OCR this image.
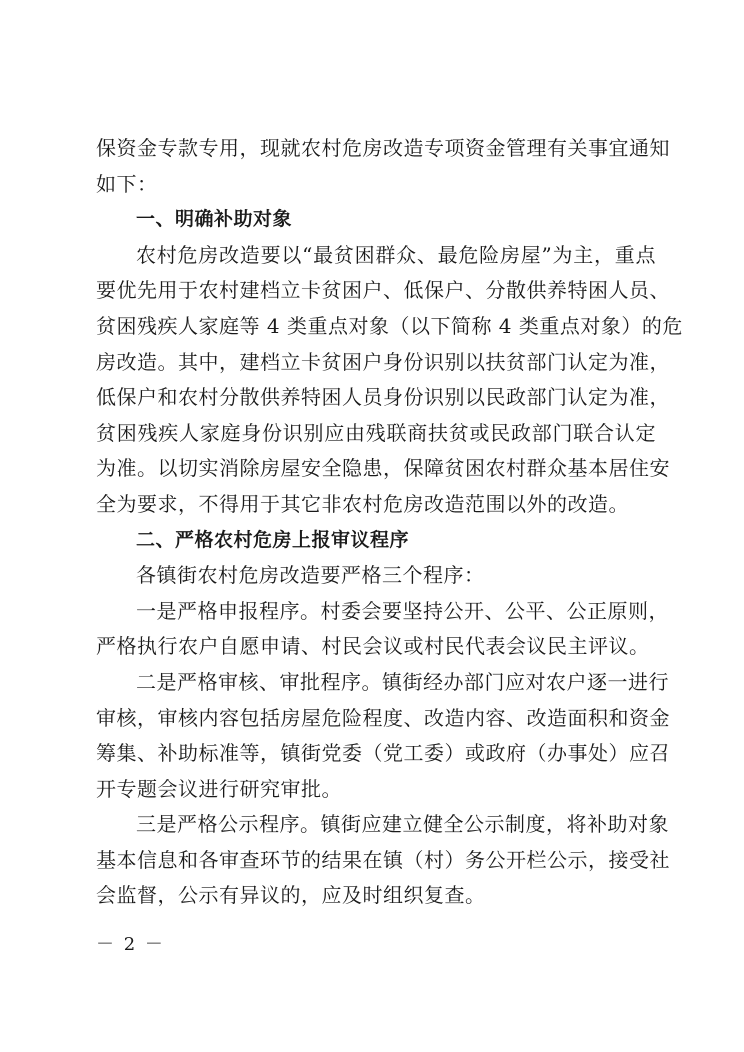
保资金专款专用，现就农村危房改造专项资金管理有关事宜通知
如下：
一、明确补助对象
农村危房改造要以“最贫困群众、最危险房屋”为主，重点
要优先用于农村建档立卡贫困户、低保户、分散供养特困人员、
贫困残疾人家庭等 4 类重点对象（以下简称 4 类重点对象）的危
房改造。其中，建档立卡贫困户身份识别以扶贫部门认定为准，
低保户和农村分散供养特困人员身份识别以民政部门认定为准，
贫困残疾人家庭身份识别应由残联商扶贫或民政部门联合认定
为准。以切实消除房屋安全隐患，保障贫困农村群众基本居住安
全为要求，不得用于其它非农村危房改造范围以外的改造。
二、严格农村危房上报审议程序
各镇街农村危房改造要严格三个程序：
一是严格申报程序。村委会要坚持公开、公平、公正原则，
严格执行农户自愿申请、村民会议或村民代表会议民主评议。
二是严格审核、审批程序。镇街经办部门应对农户逐一进行
审核，审核内容包括房屋危险程度、改造内容、改造面积和资金
筹集、补助标准等，镇街党委（党工委）或政府（办事处）应召
开专题会议进行研究审批。
三是严格公示程序。镇街应建立健全公示制度，将补助对象
基本信息和各审查环节的结果在镇（村）务公开栏公示，接受社
会监督，公示有异议的，应及时组织复查。
－ 2 －
